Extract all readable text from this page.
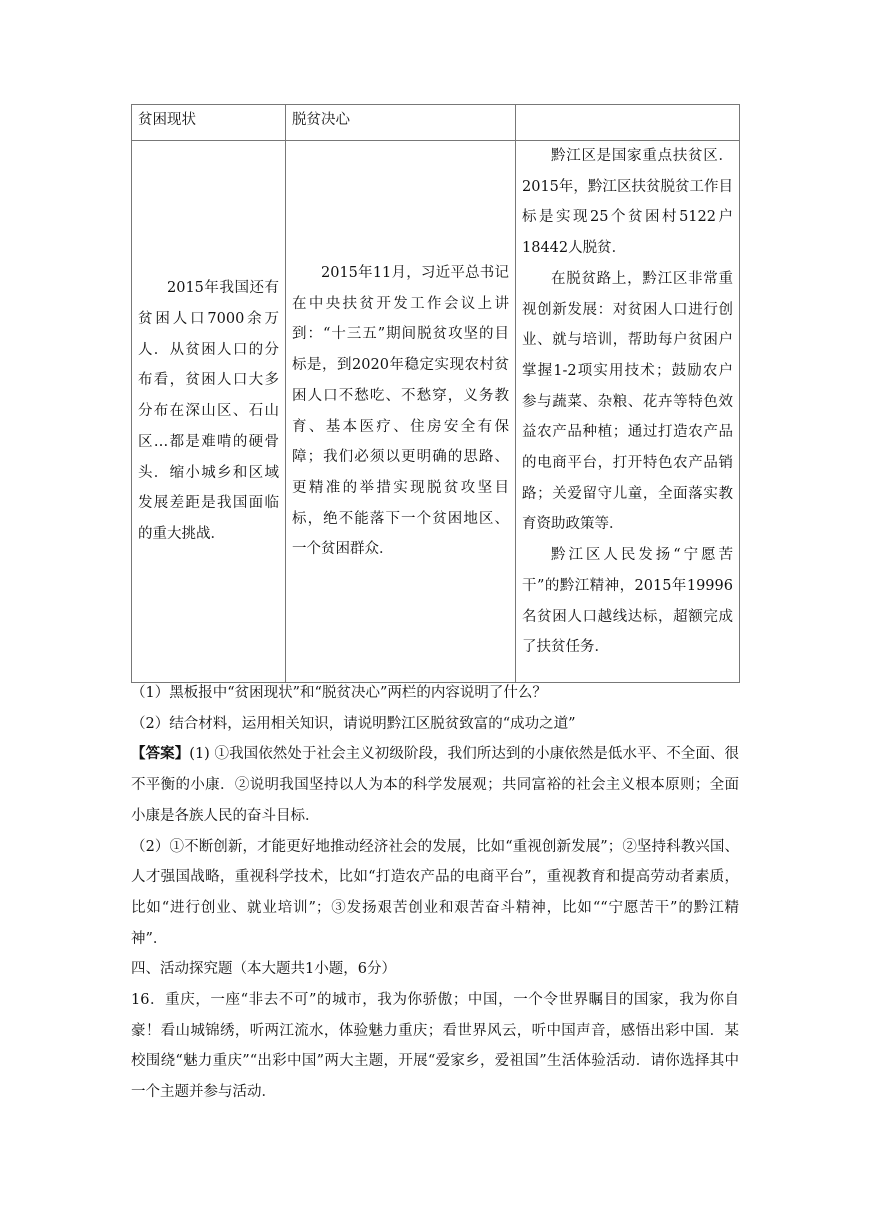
贫困现状	脱贫决心	

2015年我国还有贫困人口7000余万人．从贫困人口的分布看，贫困人口大多分布在深山区、石山区…都是难啃的硬骨头．缩小城乡和区域发展差距是我国面临的重大挑战．	2015年11月，习近平总书记在中央扶贫开发工作会议上讲到：“十三五”期间脱贫攻坚的目标是，到2020年稳定实现农村贫困人口不愁吃、不愁穿，义务教育、基本医疗、住房安全有保障；我们必须以更明确的思路、更精准的举措实现脱贫攻坚目标，绝不能落下一个贫困地区、一个贫困群众．	黔江区是国家重点扶贫区．2015年，黔江区扶贫脱贫工作目标是实现25个贫困村5122户18442人脱贫．

在脱贫路上，黔江区非常重视创新发展：对贫困人口进行创业、就与培训，帮助每户贫困户掌握1-2项实用技术；鼓励农户参与蔬菜、杂粮、花卉等特色效益农产品种植；通过打造农产品的电商平台，打开特色农产品销路；关爱留守儿童，全面落实教育资助政策等．

黔江区人民发扬“宁愿苦干”的黔江精神，2015年19996名贫困人口越线达标，超额完成了扶贫任务．

（1）黑板报中“贫困现状”和“脱贫决心”两栏的内容说明了什么？

（2）结合材料，运用相关知识，请说明黔江区脱贫致富的“成功之道”

【答案】(1) ①我国依然处于社会主义初级阶段，我们所达到的小康依然是低水平、不全面、很不平衡的小康．②说明我国坚持以人为本的科学发展观；共同富裕的社会主义根本原则；全面小康是各族人民的奋斗目标．

（2）①不断创新，才能更好地推动经济社会的发展，比如“重视创新发展”；②坚持科教兴国、人才强国战略，重视科学技术，比如“打造农产品的电商平台”，重视教育和提高劳动者素质，比如“进行创业、就业培训”；③发扬艰苦创业和艰苦奋斗精神，比如““宁愿苦干”的黔江精神”．

四、活动探究题（本大题共1小题，6分）

16．重庆，一座“非去不可”的城市，我为你骄傲；中国，一个令世界瞩目的国家，我为你自豪！看山城锦绣，听两江流水，体验魅力重庆；看世界风云，听中国声音，感悟出彩中国．某校围绕“魅力重庆”“出彩中国”两大主题，开展“爱家乡，爱祖国”生活体验活动．请你选择其中一个主题并参与活动．
